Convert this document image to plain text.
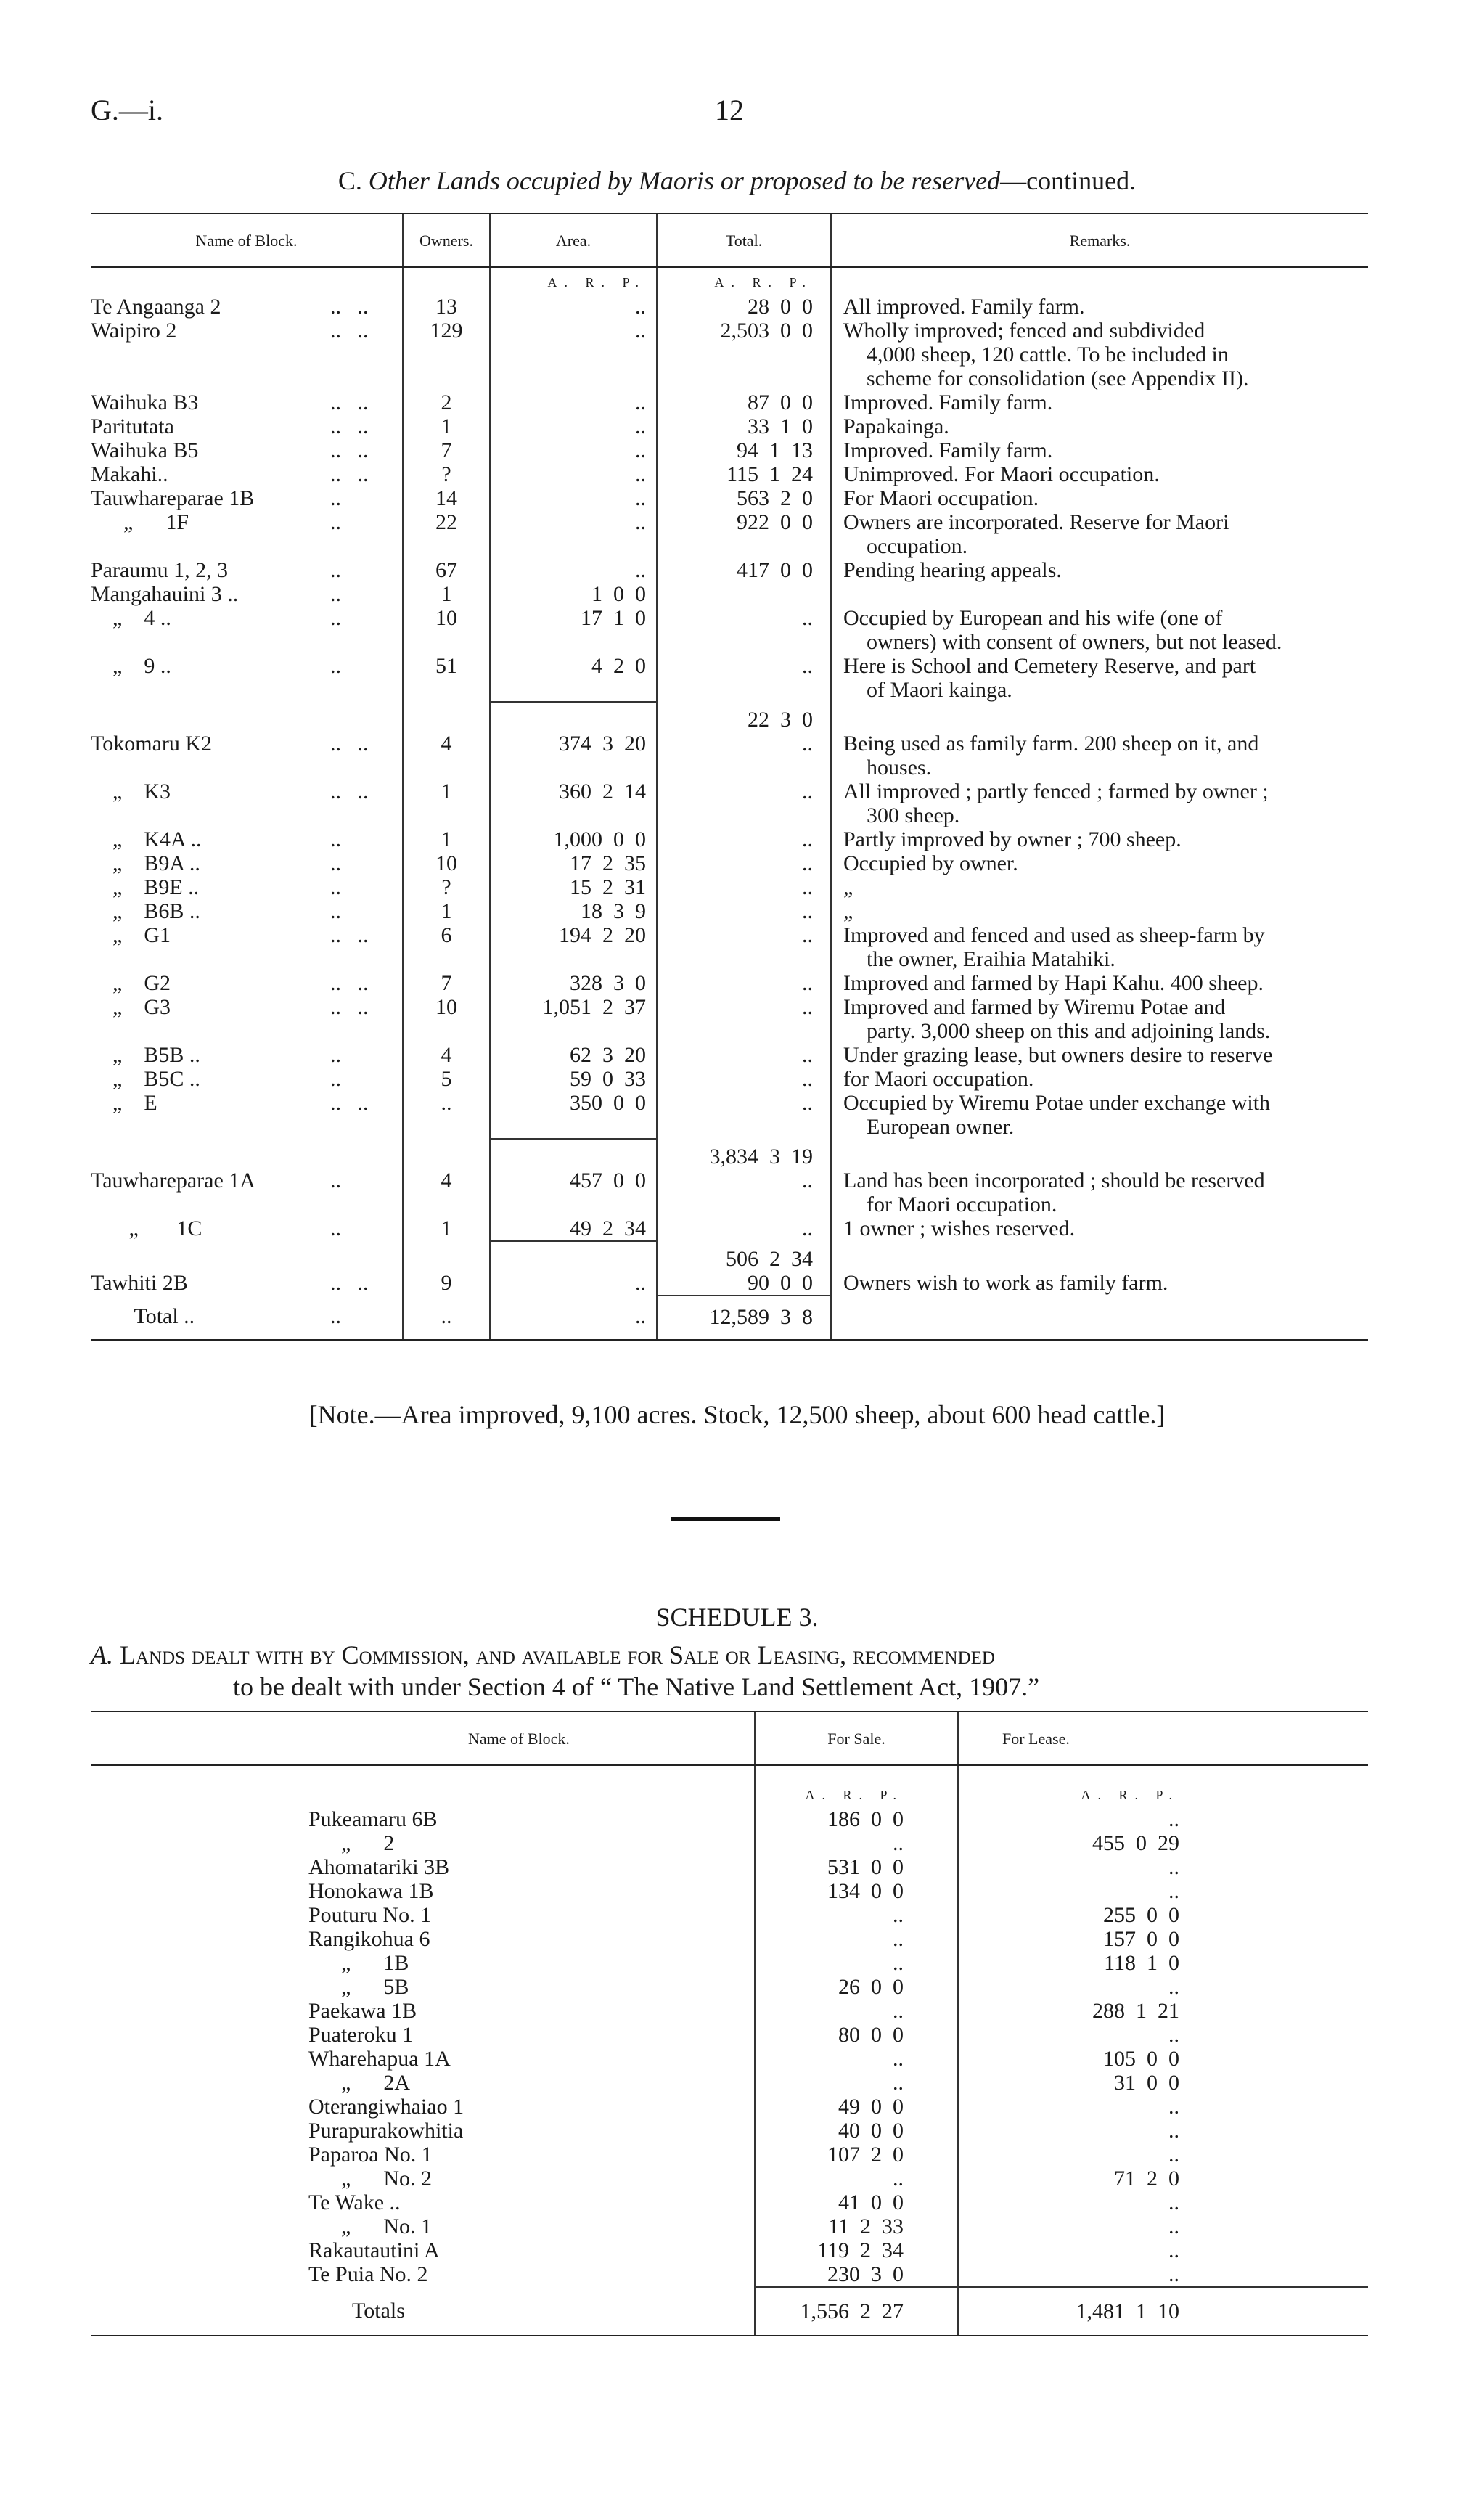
G.—i.	12
C. Other Lands occupied by Maoris or proposed to be reserved—continued.
Name of Block.	Owners.	Area.	Total.	Remarks.
		A. R. P.	A. R. P.	
Te Angaanga 2 ..   ..	13	..	28  0  0	All improved. Family farm.

Waipiro 2 ..   ..	129	..	2,503  0  0	Wholly improved; fenced and subdivided
4,000 sheep, 120 cattle. To be included in
scheme for consolidation (see Appendix II).

Waihuka B3 ..   ..	2	..	87  0  0	Improved. Family farm.

Paritutata ..   ..	1	..	33  1  0	Papakainga.

Waihuka B5 ..   ..	7	..	94  1  13	Improved. Family farm.

Makahi.. ..   ..	?	..	115  1  24	Unimproved. For Maori occupation.

Tauwhareparae 1B ..	14	..	563  2  0	For Maori occupation.

„      1F ..	22	..	922  0  0	Owners are incorporated. Reserve for Maori
occupation.

Paraumu 1, 2, 3 ..	67	..	417  0  0	Pending hearing appeals.

Mangahauini 3 .. ..	1	1  0  0		
„    4 .. ..	10	17  1  0	..	Occupied by European and his wife (one of
owners) with consent of owners, but not leased.

„    9 .. ..	51	4  2  0	..	Here is School and Cemetery Reserve, and part
of Maori kainga.

			22  3  0	
Tokomaru K2 ..   ..	4	374  3  20	..	Being used as family farm. 200 sheep on it, and
houses.

„    K3 ..   ..	1	360  2  14	..	All improved ; partly fenced ; farmed by owner ;
300 sheep.

„    K4A .. ..	1	1,000  0  0	..	Partly improved by owner ; 700 sheep.

„    B9A .. ..	10	17  2  35	..	Occupied by owner.

„    B9E .. ..	?	15  2  31	..	„

„    B6B .. ..	1	18  3  9	..	„

„    G1 ..   ..	6	194  2  20	..	Improved and fenced and used as sheep-farm by
the owner, Eraihia Matahiki.

„    G2 ..   ..	7	328  3  0	..	Improved and farmed by Hapi Kahu. 400 sheep.

„    G3 ..   ..	10	1,051  2  37	..	Improved and farmed by Wiremu Potae and
party. 3,000 sheep on this and adjoining lands.

„    B5B .. ..	4	62  3  20	..	Under grazing lease, but owners desire to reserve

„    B5C .. ..	5	59  0  33	..	for Maori occupation.

„    E ..   ..	..	350  0  0	..	Occupied by Wiremu Potae under exchange with
European owner.

			3,834  3  19	
Tauwhareparae 1A ..	4	457  0  0	..	Land has been incorporated ; should be reserved
for Maori occupation.

„       1C ..	1	49  2  34	..	1 owner ; wishes reserved.

			506  2  34	
Tawhiti 2B ..   ..	9	..	90  0  0	Owners wish to work as family farm.

Total .. ..	..	..	12,589  3  8	
[Note.—Area improved, 9,100 acres. Stock, 12,500 sheep, about 600 head cattle.]
SCHEDULE 3.
A. Lands dealt with by Commission, and available for Sale or Leasing, recommended
to be dealt with under Section 4 of “ The Native Land Settlement Act, 1907.”
Name of Block.	For Sale.	For Lease.
	A. R. P.	A. R. P.
Pukeamaru 6B	186  0  0	..
„      2	..	455  0  29
Ahomatariki 3B	531  0  0	..
Honokawa 1B	134  0  0	..
Pouturu No. 1	..	255  0  0
Rangikohua 6	..	157  0  0
„      1B	..	118  1  0
„      5B	26  0  0	..
Paekawa 1B	..	288  1  21
Puateroku 1	80  0  0	..
Wharehapua 1A	..	105  0  0
„      2A	..	31  0  0
Oterangiwhaiao 1	49  0  0	..
Purapurakowhitia	40  0  0	..
Paparoa No. 1	107  2  0	..
„      No. 2	..	71  2  0
Te Wake ..	41  0  0	..
„      No. 1	11  2  33	..
Rakautautini A	119  2  34	..
Te Puia No. 2	230  3  0	..
Totals	1,556  2  27	1,481  1  10
